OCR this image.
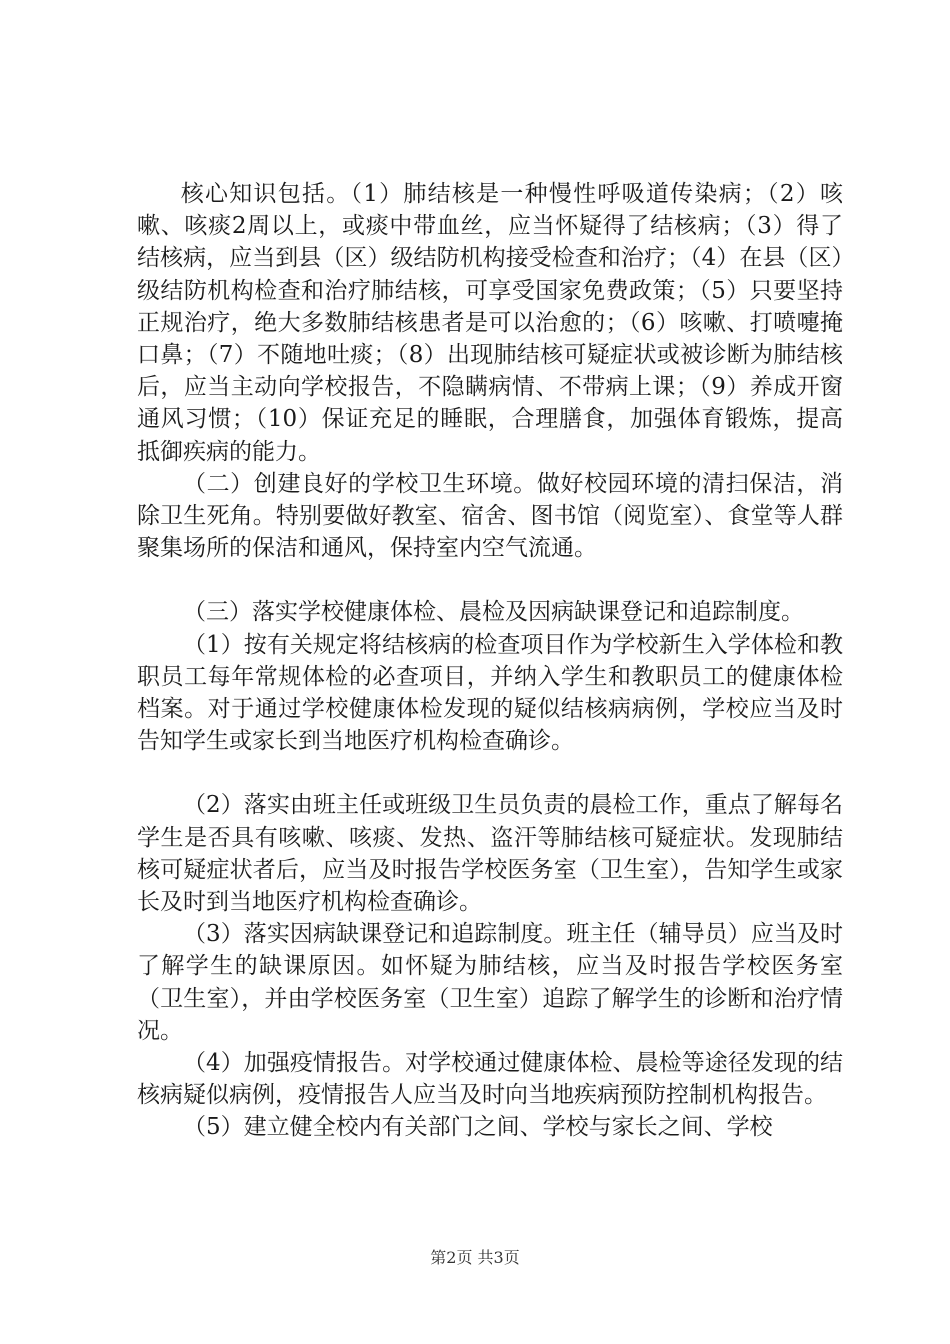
核心知识包括。（1）肺结核是一种慢性呼吸道传染病；（2）咳嗽、咳痰2周以上，或痰中带血丝，应当怀疑得了结核病；（3）得了结核病，应当到县（区）级结防机构接受检查和治疗；（4）在县（区）级结防机构检查和治疗肺结核，可享受国家免费政策；（5）只要坚持正规治疗，绝大多数肺结核患者是可以治愈的；（6）咳嗽、打喷嚏掩口鼻；（7）不随地吐痰；（8）出现肺结核可疑症状或被诊断为肺结核后，应当主动向学校报告，不隐瞒病情、不带病上课；（9）养成开窗通风习惯；（10）保证充足的睡眠，合理膳食，加强体育锻炼，提高抵御疾病的能力。

（二）创建良好的学校卫生环境。做好校园环境的清扫保洁，消除卫生死角。特别要做好教室、宿舍、图书馆（阅览室）、食堂等人群聚集场所的保洁和通风，保持室内空气流通。

（三）落实学校健康体检、晨检及因病缺课登记和追踪制度。

（1）按有关规定将结核病的检查项目作为学校新生入学体检和教职员工每年常规体检的必查项目，并纳入学生和教职员工的健康体检档案。对于通过学校健康体检发现的疑似结核病病例，学校应当及时告知学生或家长到当地医疗机构检查确诊。

（2）落实由班主任或班级卫生员负责的晨检工作，重点了解每名学生是否具有咳嗽、咳痰、发热、盗汗等肺结核可疑症状。发现肺结核可疑症状者后，应当及时报告学校医务室（卫生室），告知学生或家长及时到当地医疗机构检查确诊。

（3）落实因病缺课登记和追踪制度。班主任（辅导员）应当及时了解学生的缺课原因。如怀疑为肺结核，应当及时报告学校医务室（卫生室），并由学校医务室（卫生室）追踪了解学生的诊断和治疗情况。

（4）加强疫情报告。对学校通过健康体检、晨检等途径发现的结核病疑似病例，疫情报告人应当及时向当地疾病预防控制机构报告。

（5）建立健全校内有关部门之间、学校与家长之间、学校

第2页 共3页
